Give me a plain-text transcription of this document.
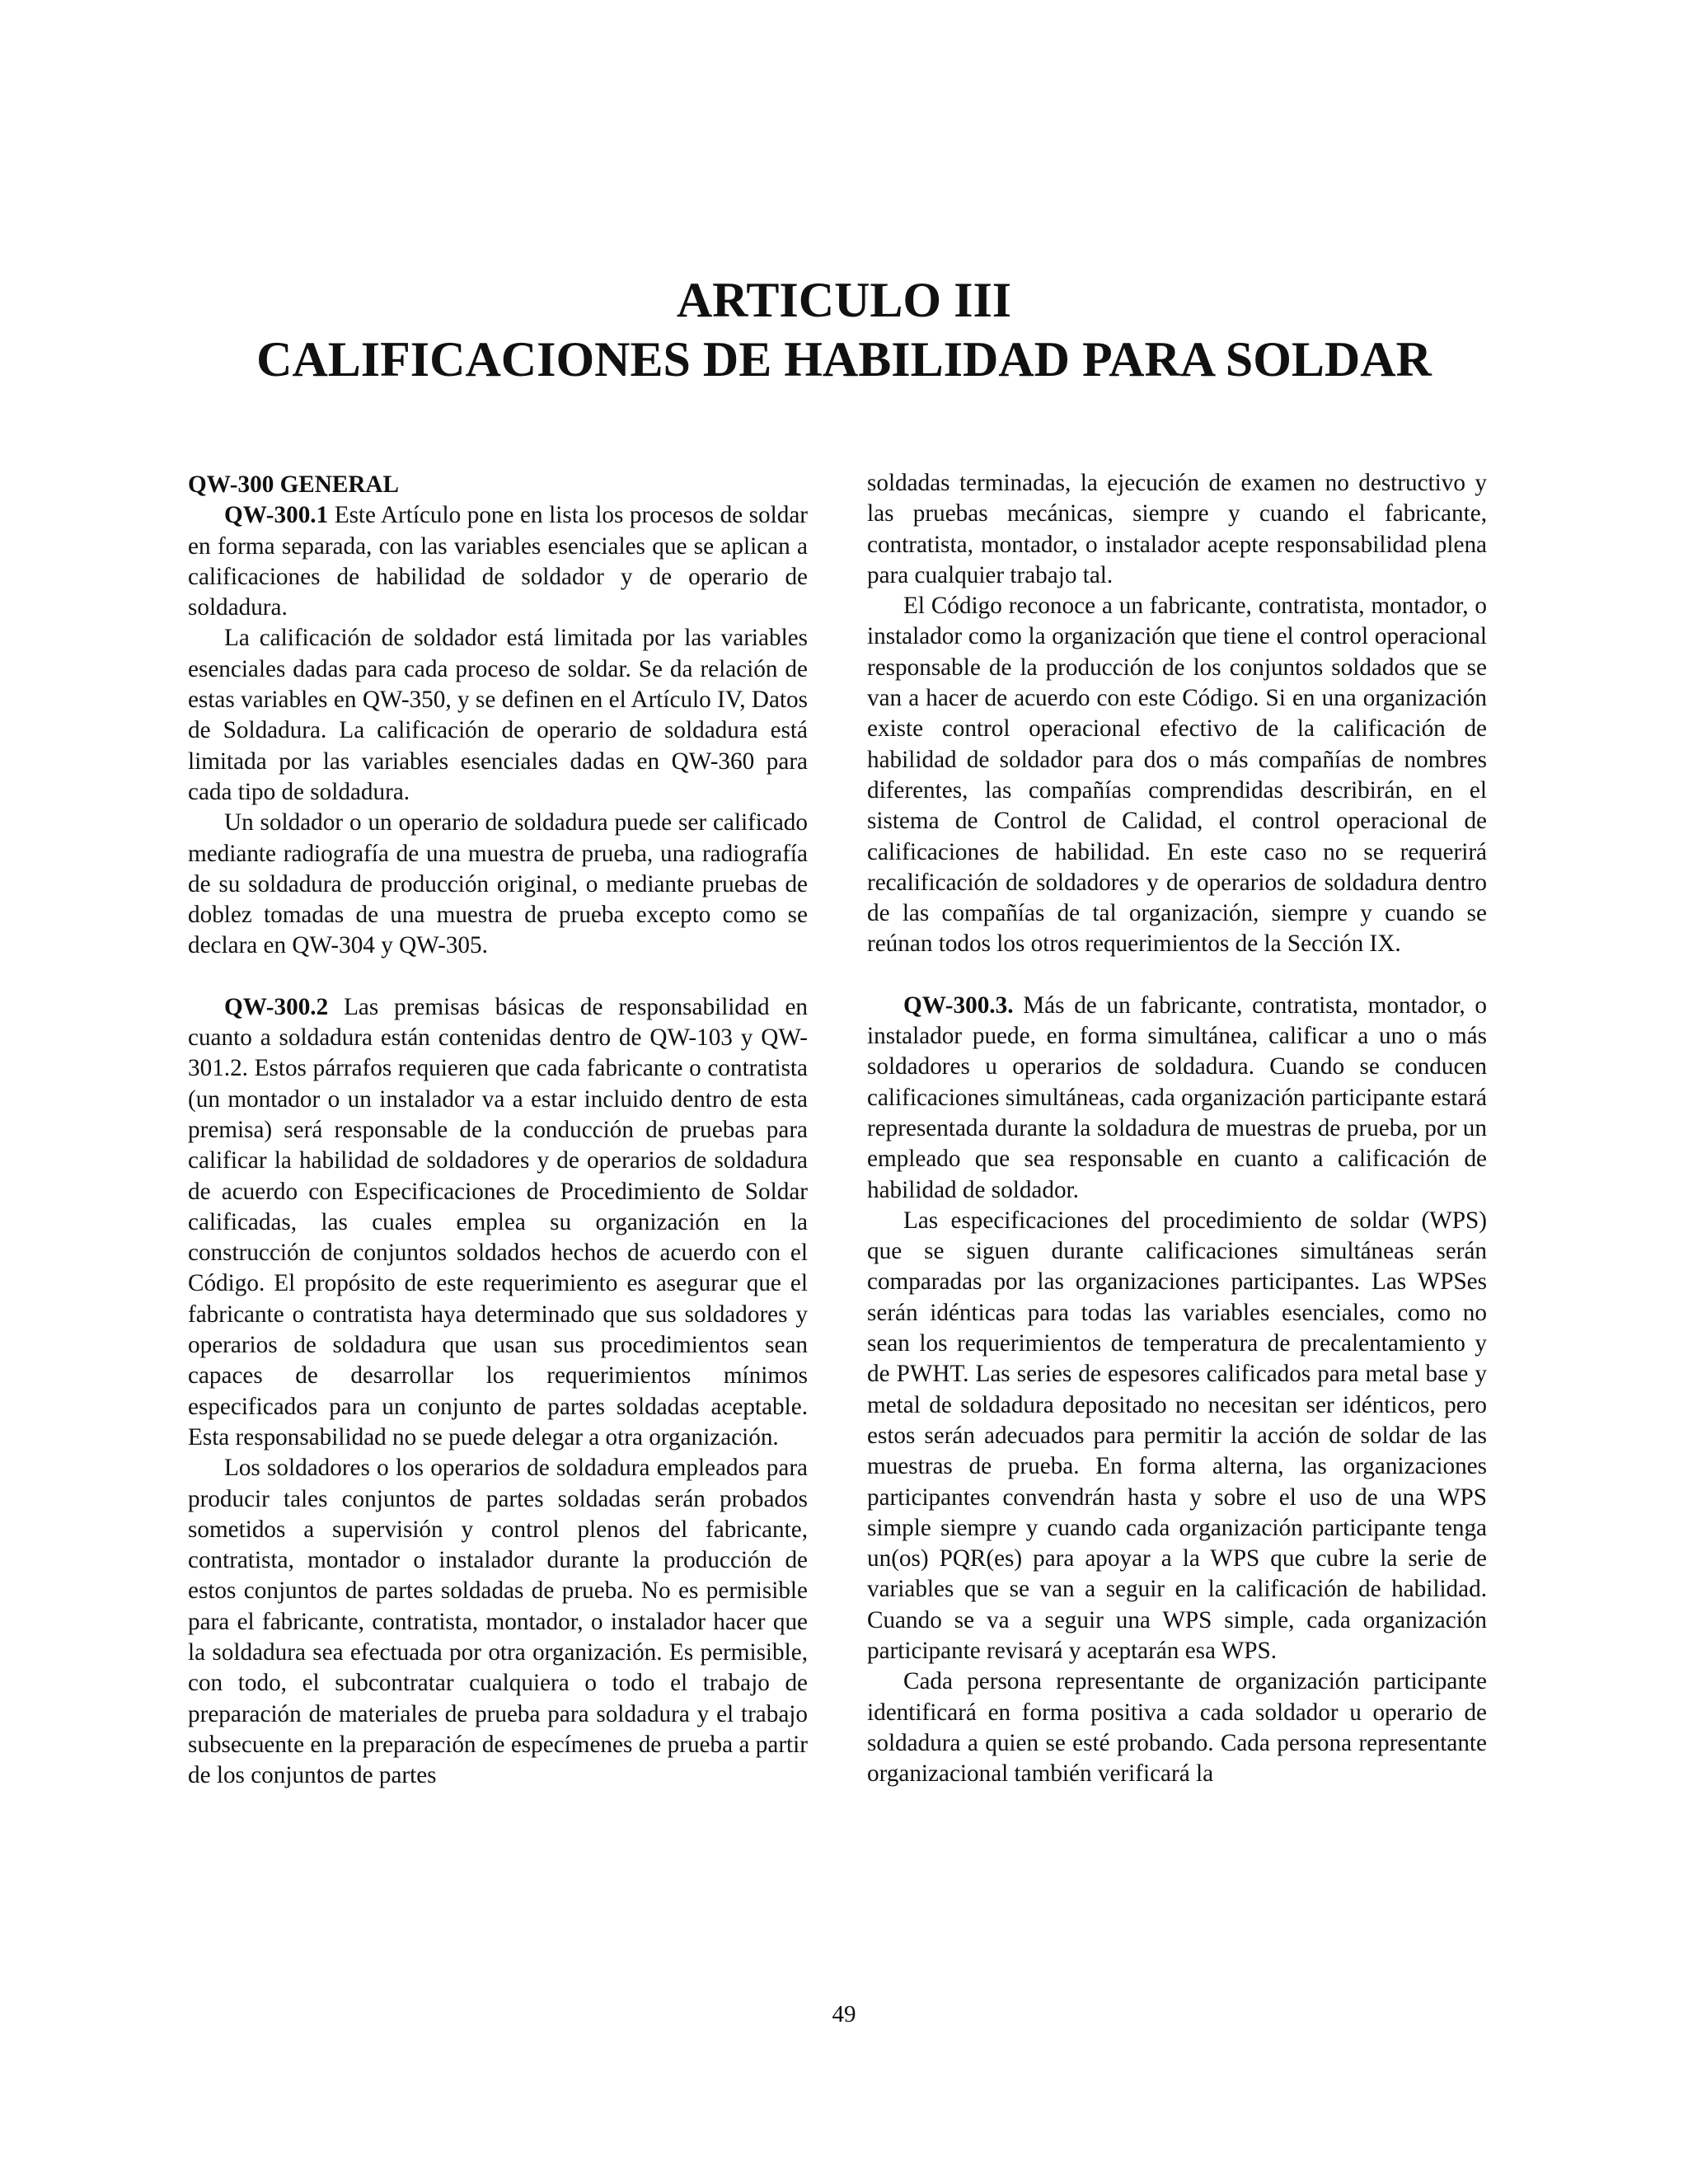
ARTICULO III
CALIFICACIONES DE HABILIDAD PARA SOLDAR

QW-300 GENERAL

QW-300.1 Este Artículo pone en lista los procesos de soldar en forma separada, con las variables esenciales que se aplican a calificaciones de habilidad de soldador y de operario de soldadura.

La calificación de soldador está limitada por las variables esenciales dadas para cada proceso de soldar. Se da relación de estas variables en QW-350, y se definen en el Artículo IV, Datos de Soldadura. La calificación de operario de soldadura está limitada por las variables esenciales dadas en QW-360 para cada tipo de soldadura.

Un soldador o un operario de soldadura puede ser calificado mediante radiografía de una muestra de prueba, una radiografía de su soldadura de producción original, o mediante pruebas de doblez tomadas de una muestra de prueba excepto como se declara en QW-304 y QW-305.

QW-300.2 Las premisas básicas de responsabilidad en cuanto a soldadura están contenidas dentro de QW-103 y QW-301.2. Estos párrafos requieren que cada fabricante o contratista (un montador o un instalador va a estar incluido dentro de esta premisa) será responsable de la conducción de pruebas para calificar la habilidad de soldadores y de operarios de soldadura de acuerdo con Especificaciones de Procedimiento de Soldar calificadas, las cuales emplea su organización en la construcción de conjuntos soldados hechos de acuerdo con el Código. El propósito de este requerimiento es asegurar que el fabricante o contratista haya determinado que sus soldadores y operarios de soldadura que usan sus procedimientos sean capaces de desarrollar los requerimientos mínimos especificados para un conjunto de partes soldadas aceptable. Esta responsabilidad no se puede delegar a otra organización.

Los soldadores o los operarios de soldadura empleados para producir tales conjuntos de partes soldadas serán probados sometidos a supervisión y control plenos del fabricante, contratista, montador o instalador durante la producción de estos conjuntos de partes soldadas de prueba. No es permisible para el fabricante, contratista, montador, o instalador hacer que la soldadura sea efectuada por otra organización. Es permisible, con todo, el subcontratar cualquiera o todo el trabajo de preparación de materiales de prueba para soldadura y el trabajo subsecuente en la preparación de especímenes de prueba a partir de los conjuntos de partes

soldadas terminadas, la ejecución de examen no destructivo y las pruebas mecánicas, siempre y cuando el fabricante, contratista, montador, o instalador acepte responsabilidad plena para cualquier trabajo tal.

El Código reconoce a un fabricante, contratista, montador, o instalador como la organización que tiene el control operacional responsable de la producción de los conjuntos soldados que se van a hacer de acuerdo con este Código. Si en una organización existe control operacional efectivo de la calificación de habilidad de soldador para dos o más compañías de nombres diferentes, las compañías comprendidas describirán, en el sistema de Control de Calidad, el control operacional de calificaciones de habilidad. En este caso no se requerirá recalificación de soldadores y de operarios de soldadura dentro de las compañías de tal organización, siempre y cuando se reúnan todos los otros requerimientos de la Sección IX.

QW-300.3. Más de un fabricante, contratista, montador, o instalador puede, en forma simultánea, calificar a uno o más soldadores u operarios de soldadura. Cuando se conducen calificaciones simultáneas, cada organización participante estará representada durante la soldadura de muestras de prueba, por un empleado que sea responsable en cuanto a calificación de habilidad de soldador.

Las especificaciones del procedimiento de soldar (WPS) que se siguen durante calificaciones simultáneas serán comparadas por las organizaciones participantes. Las WPSes serán idénticas para todas las variables esenciales, como no sean los requerimientos de temperatura de precalentamiento y de PWHT. Las series de espesores calificados para metal base y metal de soldadura depositado no necesitan ser idénticos, pero estos serán adecuados para permitir la acción de soldar de las muestras de prueba. En forma alterna, las organizaciones participantes convendrán hasta y sobre el uso de una WPS simple siempre y cuando cada organización participante tenga un(os) PQR(es) para apoyar a la WPS que cubre la serie de variables que se van a seguir en la calificación de habilidad. Cuando se va a seguir una WPS simple, cada organización participante revisará y aceptarán esa WPS.

Cada persona representante de organización participante identificará en forma positiva a cada soldador u operario de soldadura a quien se esté probando. Cada persona representante organizacional también verificará la

49
